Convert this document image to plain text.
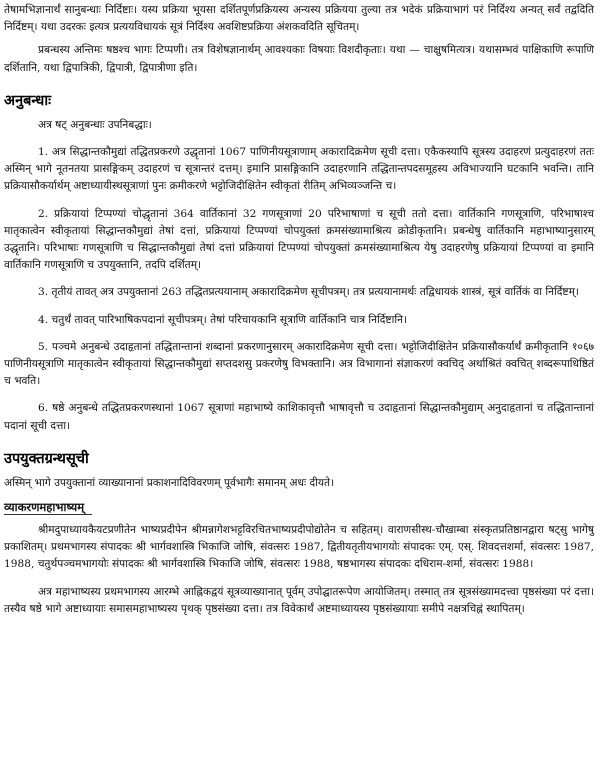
तेषामभिज्ञानार्थं सानुबन्धाः निर्दिष्टाः। यस्य प्रक्रिया भूयसा दर्शितपूर्णप्रक्रियस्य अन्यस्य प्रक्रियया तुल्या तत्र भदेकं प्रक्रियाभागं परं निर्दिश्य अन्यत् सर्वं तद्वदिति निर्दिष्टम्। यथा उदरकः इत्यत्र प्रत्ययविधायकं सूत्रं निर्दिश्य अवशिष्टप्रक्रिया अंशकवदिति सूचितम्।

प्रबन्धस्य अन्तिमः षष्ठश्च भागः टिप्पणी। तत्र विशेषज्ञानार्थम् आवश्यकाः विषयाः विशदीकृताः। यथा — चाक्षुषमित्यत्र। यथासम्भवं पाक्षिकाणि रूपाणि दर्शितानि, यथा द्विपात्रिकी, द्विपात्री, द्विपात्रीणा इति।

अनुबन्धाः

अत्र षट् अनुबन्धाः उपनिबद्धाः।

1. अत्र सिद्धान्तकौमुद्यां तद्धितप्रकरणे उद्धृतानां 1067 पाणिनीयसूत्राणाम् अकारादिक्रमेण सूची दत्ता। एकैकस्यापि सूत्रस्य उदाहरणं प्रत्युदाहरणं ततः अस्मिन् भागे नूतनतया प्रासङ्गिकम् उदाहरणं च सूत्रान्तरं दत्तम्। इमानि प्रासङ्गिकानि उदाहरणानि तद्धितान्तपदसमूहस्य अविभाज्यानि घटकानि भवन्ति। तानि प्रक्रियासौकर्यार्थम् अष्टाध्यायीस्थसूत्राणां पुनः क्रमीकरणे भट्टोजिदीक्षितेन स्वीकृतां रीतिम् अभिव्यञ्जन्ति च।

2. प्रक्रियायां टिप्पण्यां चोद्धृतानां 364 वार्तिकानां 32 गणसूत्राणां 20 परिभाषाणां च सूची ततो दत्ता। वार्तिकानि गणसूत्राणि, परिभाषाश्च मातृकात्वेन स्वीकृतायां सिद्धान्तकौमुद्यां तेषां दत्तां, प्रक्रियायां टिप्पण्यां चोपयुक्तां क्रमसंख्यामाश्रित्य क्रोडीकृतानि। प्रबन्धेषु वार्तिकानि महाभाष्यानुसारम् उद्धृतानि। परिभाषाः गणसूत्राणि च सिद्धान्तकौमुद्यां तेषां दत्तां प्रक्रियायां टिप्पण्यां चोपयुक्तां क्रमसंख्यामाश्रित्य येषु उदाहरणेषु प्रक्रियायां टिप्पण्यां वा इमानि वार्तिकानि गणसूत्राणि च उपयुक्तानि, तदपि दर्शितम्।

3. तृतीयं तावत् अत्र उपयुक्तानां 263 तद्धितप्रत्ययानाम् अकारादिक्रमेण सूचीपत्रम्। तत्र प्रत्ययानामर्थः तद्विधायकं शास्त्रं, सूत्रं वार्तिकं वा निर्दिष्टम्।

4. चतुर्थं तावत् पारिभाषिकपदानां सूचीपत्रम्। तेषां परिचायकानि सूत्राणि वार्तिकानि चात्र निर्दिष्टानि।

5. पञ्चमे अनुबन्धे उदाहृतानां तद्धितान्तानां शब्दानां प्रकरणानुसारम् अकारादिक्रमेण सूची दत्ता। भट्टोजिदीक्षितेन प्रक्रियासौकर्यार्थं क्रमीकृतानि १०६७ पाणिनीयसूत्राणि मातृकात्वेन स्वीकृतायां सिद्धान्तकौमुद्यां सप्तदशसु प्रकरणेषु विभक्तानि। अत्र विभागानां संज्ञाकरणं क्वचिद् अर्थाश्रितं क्वचित् शब्दरूपाधिष्ठितं च भवति।

6. षष्ठे अनुबन्धे तद्धितप्रकरणस्थानां 1067 सूत्राणां महाभाष्ये काशिकावृत्तौ भाषावृत्तौ च उदाहृतानां सिद्धान्तकौमुद्याम् अनुदाहृतानां च तद्धितान्तानां पदानां सूची दत्ता।

उपयुक्तग्रन्थसूची

अस्मिन् भागे उपयुक्तानां व्याख्यानानां प्रकाशनादिविवरणम् पूर्वभागैः समानम् अधः दीयते।

व्याकरणमहाभाष्यम्

श्रीमदुपाध्यायकैयटप्रणीतेन भाष्यप्रदीपेन श्रीमन्नागेशभट्टविरचितभाष्यप्रदीपोद्योतेन च सहितम्। वाराणसीस्थ-चौखाम्बा संस्कृतप्रतिष्ठानद्वारा षट्सु भागेषु प्रकाशितम्। प्रथमभागस्य संपादकः श्री भार्गवशास्त्रि भिकाजि जोषि, संवत्सरः 1987, द्वितीयतृतीयभागयोः संपादकः एम्. एस्. शिवदत्तशर्मा, संवत्सरः 1987, 1988, चतुर्थपञ्चमभागयोः संपादकः श्री भार्गवशास्त्रि भिकाजि जोषि, संवत्सरः 1988, षष्ठभागस्य संपादकः दधिराम-शर्मा, संवत्सरः 1988।

अत्र महाभाष्यस्य प्रथमभागस्य आरम्भे आह्निकद्वयं सूत्रव्याख्यानात् पूर्वम् उपोद्घातरूपेण आयोजितम्। तस्मात् तत्र सूत्रसंख्यामदत्त्वा पृष्ठसंख्या परं दत्ता। तस्यैव षष्ठे भागे अष्टाध्यायाः समासमहाभाष्यस्य पृथक् पृष्ठसंख्या दत्ता। तत्र विवेकार्थं अष्टमाध्यायस्य पृष्ठसंख्यायाः समीपे नक्षत्रचिह्नं स्थापितम्।
